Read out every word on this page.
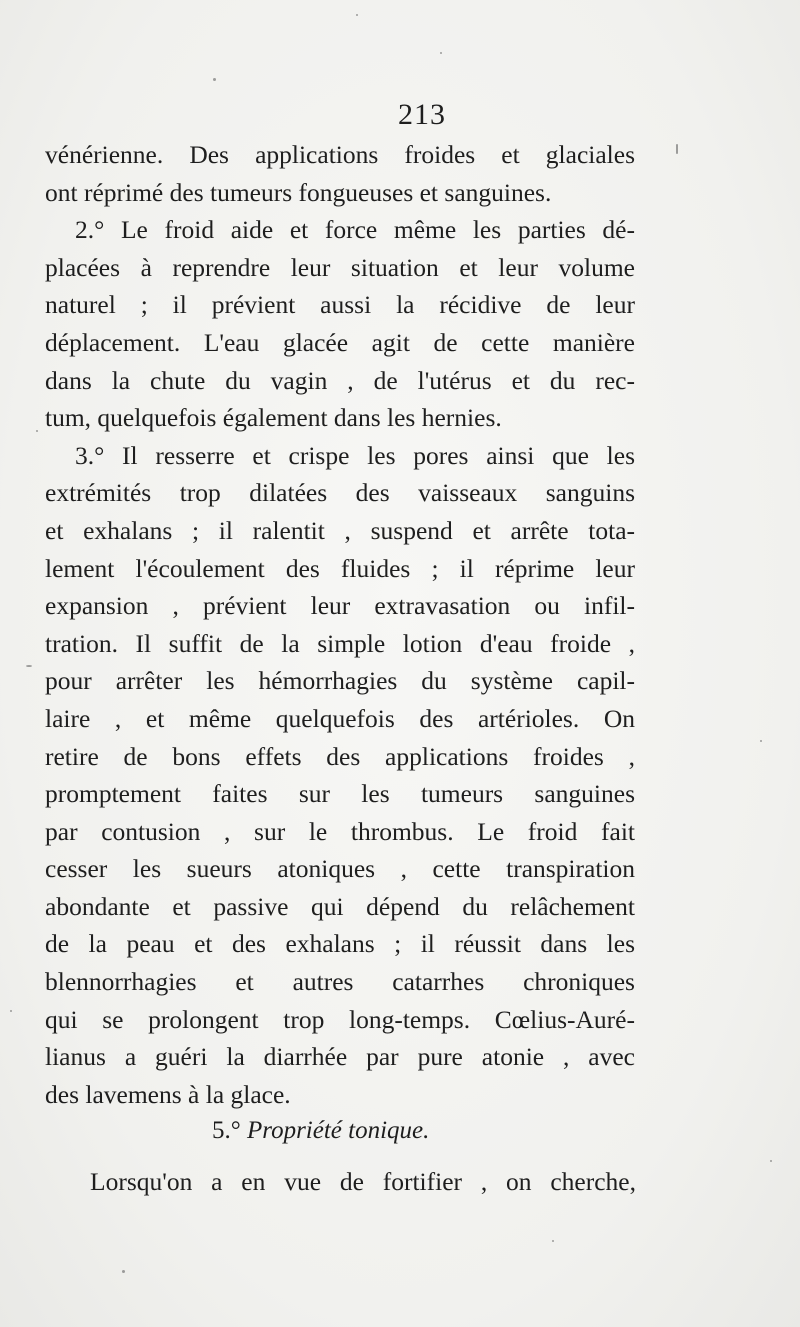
213
vénérienne. Des applications froides et glaciales
ont réprimé des tumeurs fongueuses et sanguines.
2.° Le froid aide et force même les parties dé-
placées à reprendre leur situation et leur volume
naturel ; il prévient aussi la récidive de leur
déplacement. L'eau glacée agit de cette manière
dans la chute du vagin , de l'utérus et du rec-
tum, quelquefois également dans les hernies.
3.° Il resserre et crispe les pores ainsi que les
extrémités trop dilatées des vaisseaux sanguins
et exhalans ; il ralentit , suspend et arrête tota-
lement l'écoulement des fluides ; il réprime leur
expansion , prévient leur extravasation ou infil-
tration. Il suffit de la simple lotion d'eau froide ,
pour arrêter les hémorrhagies du système capil-
laire , et même quelquefois des artérioles. On
retire de bons effets des applications froides ,
promptement faites sur les tumeurs sanguines
par contusion , sur le thrombus. Le froid fait
cesser les sueurs atoniques , cette transpiration
abondante et passive qui dépend du relâchement
de la peau et des exhalans ; il réussit dans les
blennorrhagies et autres catarrhes chroniques
qui se prolongent trop long-temps. Cœlius-Auré-
lianus a guéri la diarrhée par pure atonie , avec
des lavemens à la glace.
5.° Propriété tonique.
Lorsqu'on a en vue de fortifier , on cherche,
